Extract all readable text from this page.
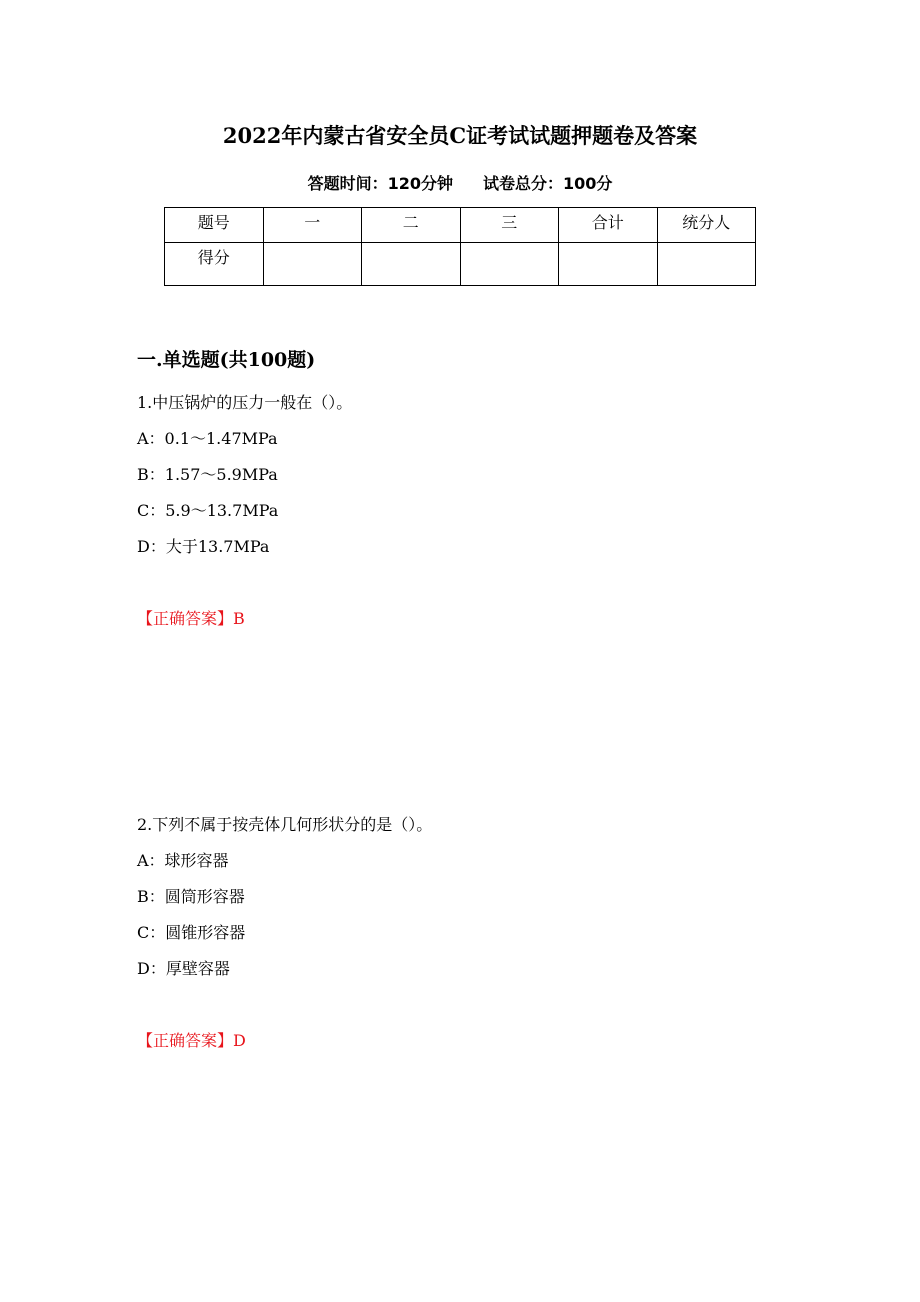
2022年内蒙古省安全员C证考试试题押题卷及答案
答题时间：120分钟 试卷总分：100分
题号	一	二	三	合计	统分人
得分					
一.单选题(共100题)
1.中压锅炉的压力一般在（）。
A：0.1～1.47MPa
B：1.57～5.9MPa
C：5.9～13.7MPa
D：大于13.7MPa
【正确答案】B
2.下列不属于按壳体几何形状分的是（）。
A：球形容器
B：圆筒形容器
C：圆锥形容器
D：厚壁容器
【正确答案】D
